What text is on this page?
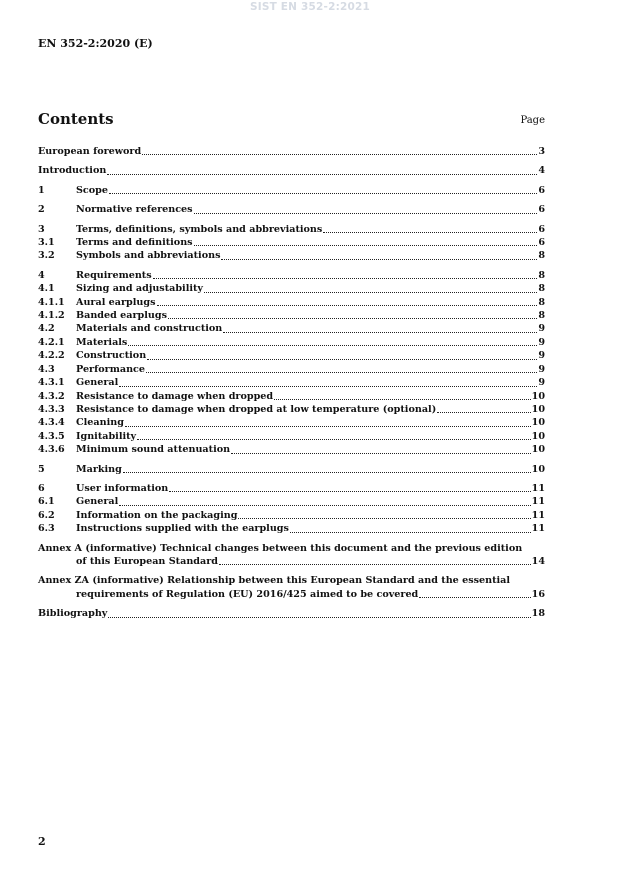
SIST EN 352-2:2021
EN 352-2:2020 (E)
Contents	Page
European foreword	3
Introduction	4
1	Scope	6
2	Normative references	6
3	Terms, definitions, symbols and abbreviations	6
3.1	Terms and definitions	6
3.2	Symbols and abbreviations	8
4	Requirements	8
4.1	Sizing and adjustability	8
4.1.1	Aural earplugs	8
4.1.2	Banded earplugs	8
4.2	Materials and construction	9
4.2.1	Materials	9
4.2.2	Construction	9
4.3	Performance	9
4.3.1	General	9
4.3.2	Resistance to damage when dropped	10
4.3.3	Resistance to damage when dropped at low temperature (optional)	10
4.3.4	Cleaning	10
4.3.5	Ignitability	10
4.3.6	Minimum sound attenuation	10
5	Marking	10
6	User information	11
6.1	General	11
6.2	Information on the packaging	11
6.3	Instructions supplied with the earplugs	11
Annex A (informative) Technical changes between this document and the previous edition
of this European Standard	14
Annex ZA (informative) Relationship between this European Standard and the essential
requirements of Regulation (EU) 2016/425 aimed to be covered	16
Bibliography	18
2
